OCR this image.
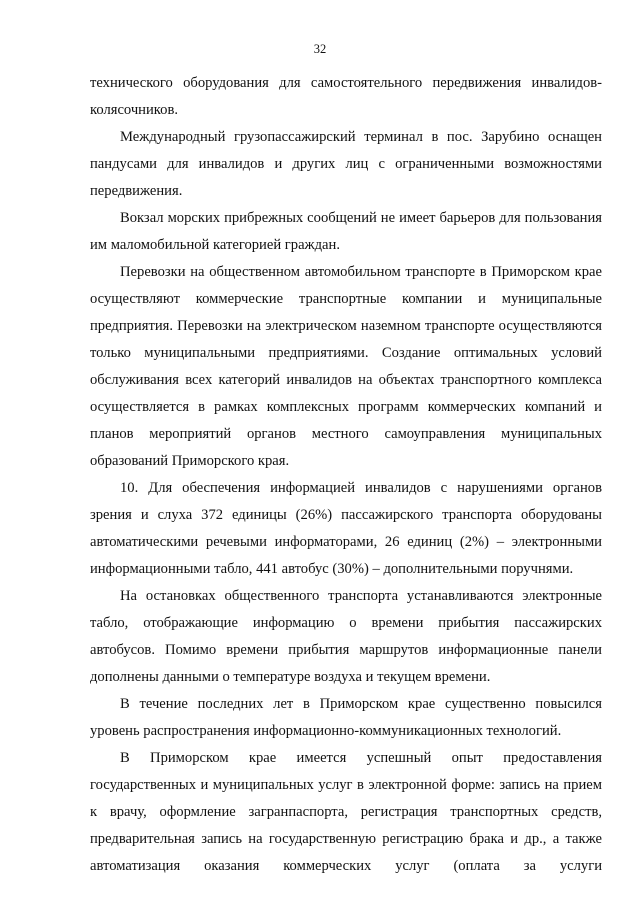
32

технического оборудования для самостоятельного передвижения инвалидов-колясочников.

Международный грузопассажирский терминал в пос. Зарубино оснащен пандусами для инвалидов и других лиц с ограниченными возможностями передвижения.

Вокзал морских прибрежных сообщений не имеет барьеров для пользования им маломобильной категорией граждан.

Перевозки на общественном автомобильном транспорте в Приморском крае осуществляют коммерческие транспортные компании и муниципальные предприятия. Перевозки на электрическом наземном транспорте осуществляются только муниципальными предприятиями. Создание оптимальных условий обслуживания всех категорий инвалидов на объектах транспортного комплекса осуществляется в рамках комплексных программ коммерческих компаний и планов мероприятий органов местного самоуправления муниципальных образований Приморского края.

10. Для обеспечения информацией инвалидов с нарушениями органов зрения и слуха 372 единицы (26%) пассажирского транспорта оборудованы автоматическими речевыми информаторами, 26 единиц (2%) – электронными информационными табло, 441 автобус (30%) – дополнительными поручнями.

На остановках общественного транспорта устанавливаются электронные табло, отображающие информацию о времени прибытия пассажирских автобусов. Помимо времени прибытия маршрутов информационные панели дополнены данными о температуре воздуха и текущем времени.

В течение последних лет в Приморском крае существенно повысился уровень распространения информационно-коммуникационных технологий.

В Приморском крае имеется успешный опыт предоставления государственных и муниципальных услуг в электронной форме: запись на прием к врачу, оформление загранпаспорта, регистрация транспортных средств, предварительная запись на государственную регистрацию брака и др., а также автоматизация оказания коммерческих услуг (оплата за услуги
